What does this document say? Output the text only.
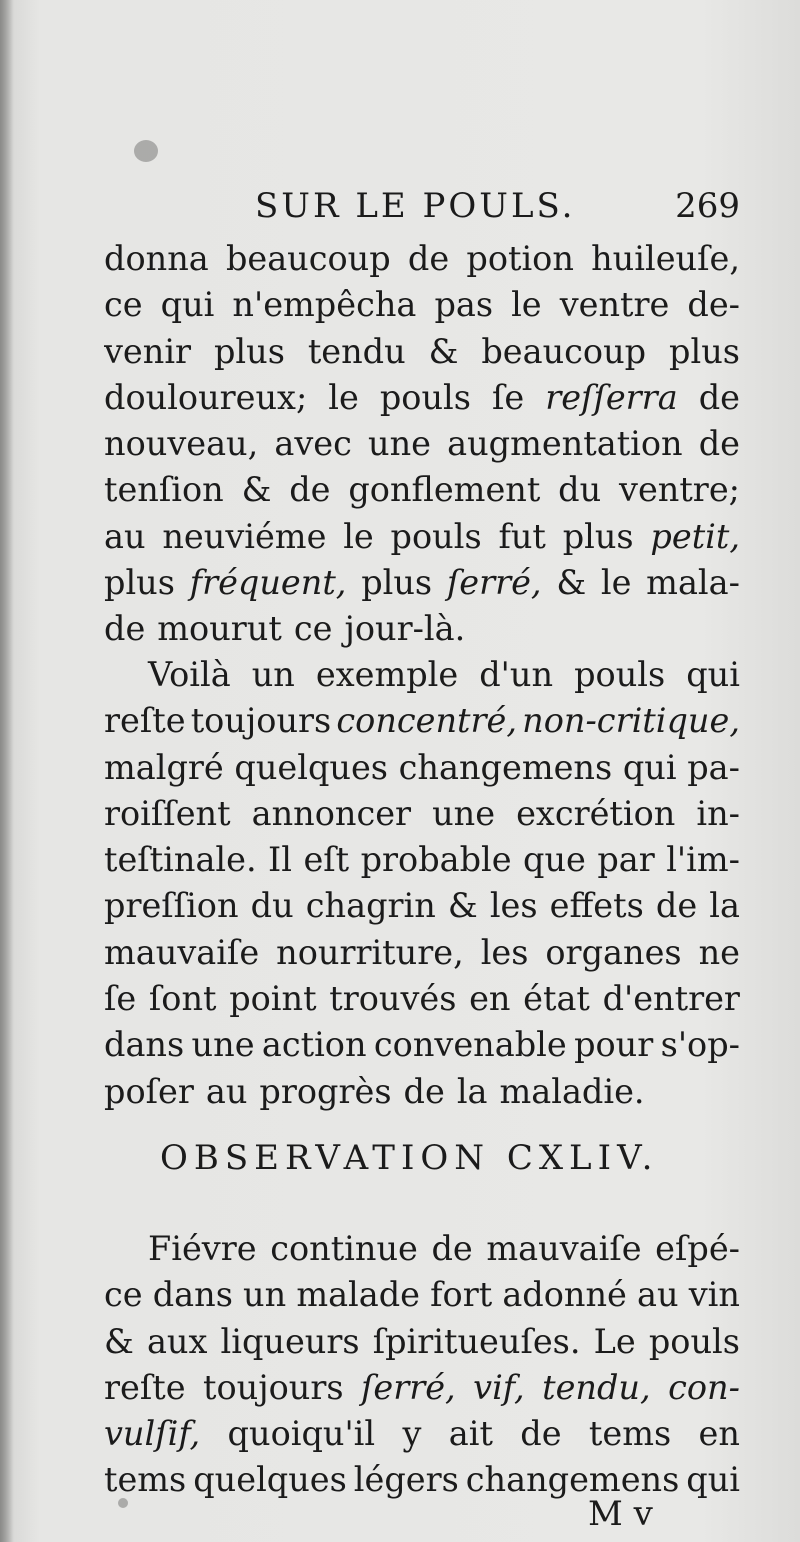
SUR LE POULS.	269
donna beaucoup de potion huileuſe,
ce qui n'empêcha pas le ventre de-
venir plus tendu & beaucoup plus
douloureux; le pouls ſe reſſerra de
nouveau, avec une augmentation de
tenſion & de gonflement du ventre;
au neuviéme le pouls fut plus petit,
plus fréquent, plus ſerré, & le mala-
de mourut ce jour-là.
Voilà un exemple d'un pouls qui
reſte toujours concentré, non-critique,
malgré quelques changemens qui pa-
roiſſent annoncer une excrétion in-
teſtinale. Il eſt probable que par l'im-
preſſion du chagrin & les effets de la
mauvaiſe nourriture, les organes ne
ſe ſont point trouvés en état d'entrer
dans une action convenable pour s'op-
poſer au progrès de la maladie.
OBSERVATION CXLIV.
Fiévre continue de mauvaiſe eſpé-
ce dans un malade fort adonné au vin
& aux liqueurs ſpiritueuſes. Le pouls
reſte toujours ſerré, vif, tendu, con-
vulſif, quoiqu'il y ait de tems en
tems quelques légers changemens qui
M v
